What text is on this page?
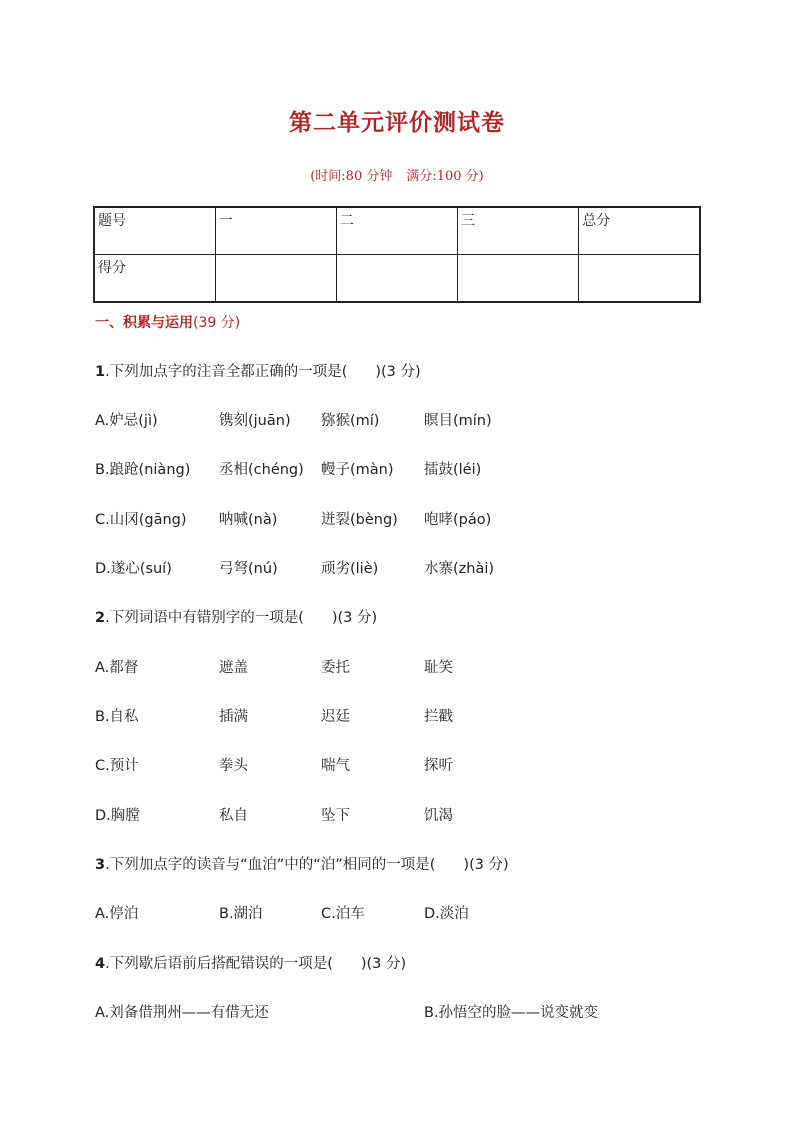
第二单元评价测试卷
(时间:80 分钟 满分:100 分)
题号	一	二	三	总分
得分				
一、积累与运用(39 分)
1.下列加点字的注音全都正确的一项是( )(3 分)
A.妒忌(jì)	镌刻(juān) 猕猴(mí)	瞑目(mín)
B.踉跄(niàng) 丞相(chéng) 幔子(màn) 擂鼓(léi)
C.山冈(gāng) 呐喊(nà)	迸裂(bèng) 咆哮(páo)
D.遂心(suí)	弓弩(nú)	顽劣(liè)	水寨(zhài)
2.下列词语中有错别字的一项是( )(3 分)
A.都督	遮盖	委托	耻笑
B.自私	插满	迟廷	拦戳
C.预计	拳头	喘气	探听
D.胸膛	私自	坠下	饥渴
3.下列加点字的读音与“血泊”中的“泊”相同的一项是( )(3 分)
A.停泊	B.湖泊	C.泊车	D.淡泊
4.下列歇后语前后搭配错误的一项是( )(3 分)
A.刘备借荆州——有借无还	B.孙悟空的脸——说变就变
